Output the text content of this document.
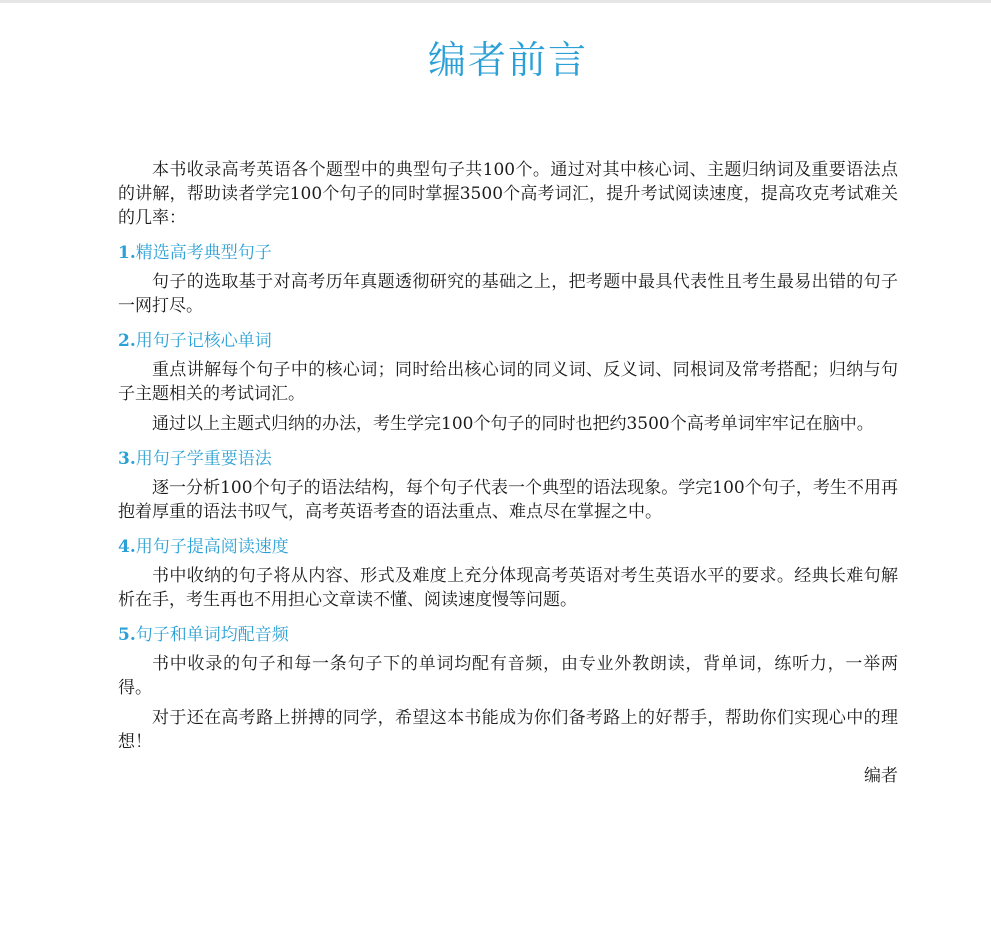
编者前言

本书收录高考英语各个题型中的典型句子共100个。通过对其中核心词、主题归纳词及重要语法点的讲解，帮助读者学完100个句子的同时掌握3500个高考词汇，提升考试阅读速度，提高攻克考试难关的几率：

1.精选高考典型句子

句子的选取基于对高考历年真题透彻研究的基础之上，把考题中最具代表性且考生最易出错的句子一网打尽。

2.用句子记核心单词

重点讲解每个句子中的核心词；同时给出核心词的同义词、反义词、同根词及常考搭配；归纳与句子主题相关的考试词汇。

通过以上主题式归纳的办法，考生学完100个句子的同时也把约3500个高考单词牢牢记在脑中。

3.用句子学重要语法

逐一分析100个句子的语法结构，每个句子代表一个典型的语法现象。学完100个句子，考生不用再抱着厚重的语法书叹气，高考英语考查的语法重点、难点尽在掌握之中。

4.用句子提高阅读速度

书中收纳的句子将从内容、形式及难度上充分体现高考英语对考生英语水平的要求。经典长难句解析在手，考生再也不用担心文章读不懂、阅读速度慢等问题。

5.句子和单词均配音频

书中收录的句子和每一条句子下的单词均配有音频，由专业外教朗读，背单词，练听力，一举两得。

对于还在高考路上拼搏的同学，希望这本书能成为你们备考路上的好帮手，帮助你们实现心中的理想！

编者
